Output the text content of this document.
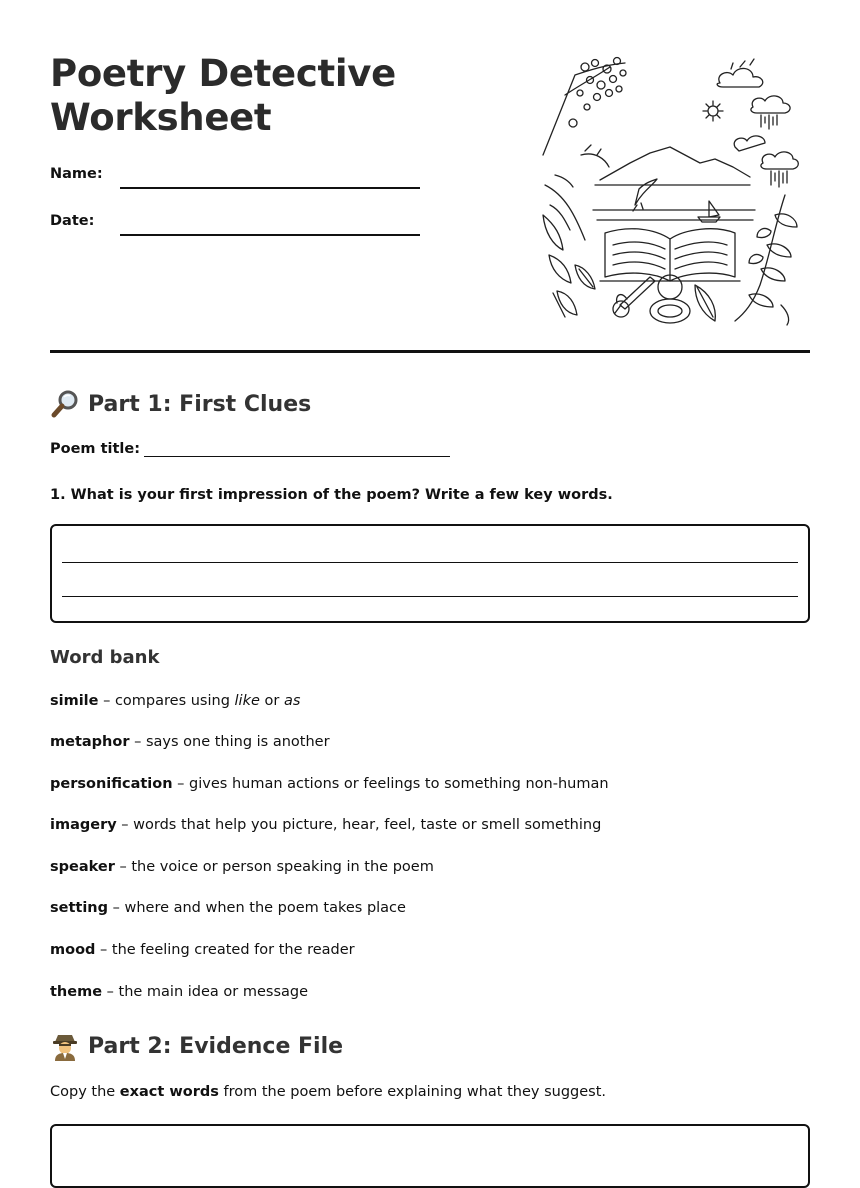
Poetry Detective
Worksheet
Name:
Date:
Part 1: First Clues
Poem title:
1. What is your first impression of the poem? Write a few key words.
Word bank
simile – compares using like or as
metaphor – says one thing is another
personification – gives human actions or feelings to something non-human
imagery – words that help you picture, hear, feel, taste or smell something
speaker – the voice or person speaking in the poem
setting – where and when the poem takes place
mood – the feeling created for the reader
theme – the main idea or message
Part 2: Evidence File
Copy the exact words from the poem before explaining what they suggest.
